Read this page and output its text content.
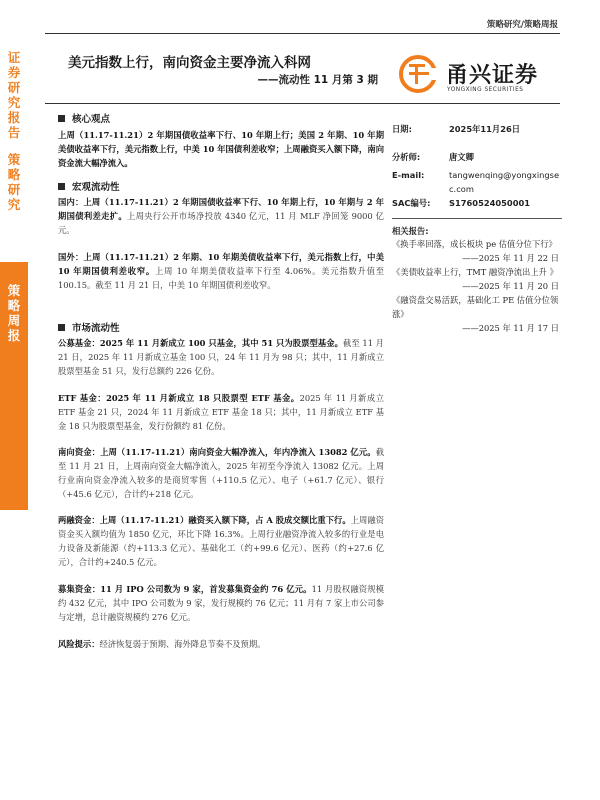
证
券
研
究
报
告
策
略
研
究
策
略
周
报
策略研究/策略周报
美元指数上行，南向资金主要净流入科网
——流动性 11 月第 3 期	甬兴证券
YONGXING SECURITIES
核心观点
上周（11.17-11.21）2 年期国债收益率下行、10 年期上行；美国 2 年期、10 年期美债收益率下行，美元指数上行，中美 10 年国债利差收窄；上周融资买入额下降，南向资金流大幅净流入。
宏观流动性
国内：上周（11.17-11.21）2 年期国债收益率下行、10 年期上行，10 年期与 2 年期国债利差走扩。上周央行公开市场净投放 4340 亿元，11 月 MLF 净回笼 9000 亿元。
国外：上周（11.17-11.21）2 年期、10 年期美债收益率下行，美元指数上行，中美 10 年期国债利差收窄。上周 10 年期美债收益率下行至 4.06%。美元指数升值至 100.15。截至 11 月 21 日，中美 10 年期国债利差收窄。
市场流动性
公募基金：2025 年 11 月新成立 100 只基金，其中 51 只为股票型基金。截至 11 月 21 日，2025 年 11 月新成立基金 100 只，24 年 11 月为 98 只；其中，11 月新成立股票型基金 51 只，发行总额约 226 亿份。
ETF 基金：2025 年 11 月新成立 18 只股票型 ETF 基金。2025 年 11 月新成立 ETF 基金 21 只，2024 年 11 月新成立 ETF 基金 18 只；其中，11 月新成立 ETF 基金 18 只为股票型基金，发行份额约 81 亿份。
南向资金：上周（11.17-11.21）南向资金大幅净流入，年内净流入 13082 亿元。截至 11 月 21 日，上周南向资金大幅净流入，2025 年初至今净流入 13082 亿元。上周行业南向资金净流入较多的是商贸零售（+110.5 亿元）、电子（+61.7 亿元）、银行（+45.6 亿元），合计约+218 亿元。
两融资金：上周（11.17-11.21）融资买入额下降，占 A 股成交额比重下行。上周融资资金买入额均值为 1850 亿元，环比下降 16.3%。上周行业融资净流入较多的行业是电力设备及新能源（约+113.3 亿元）、基础化工（约+99.6 亿元）、医药（约+27.6 亿元），合计约+240.5 亿元。
募集资金：11 月 IPO 公司数为 9 家，首发募集资金约 76 亿元。11 月股权融资规模约 432 亿元，其中 IPO 公司数为 9 家，发行规模约 76 亿元；11 月有 7 家上市公司参与定增，总计融资规模约 276 亿元。
风险提示：经济恢复弱于预期、海外降息节奏不及预期。
日期:	2025年11月26日
分析师:	唐文卿
E-mail:	tangwenqing@yongxingsec.com
SAC编号:	S1760524050001
相关报告:
《换手率回落，成长板块 pe 估值分位下行》
——2025 年 11 月 22 日
《美债收益率上行，TMT 融资净流出上升 》
——2025 年 11 月 20 日
《融资盘交易活跃，基础化工 PE 估值分位领涨》
——2025 年 11 月 17 日
